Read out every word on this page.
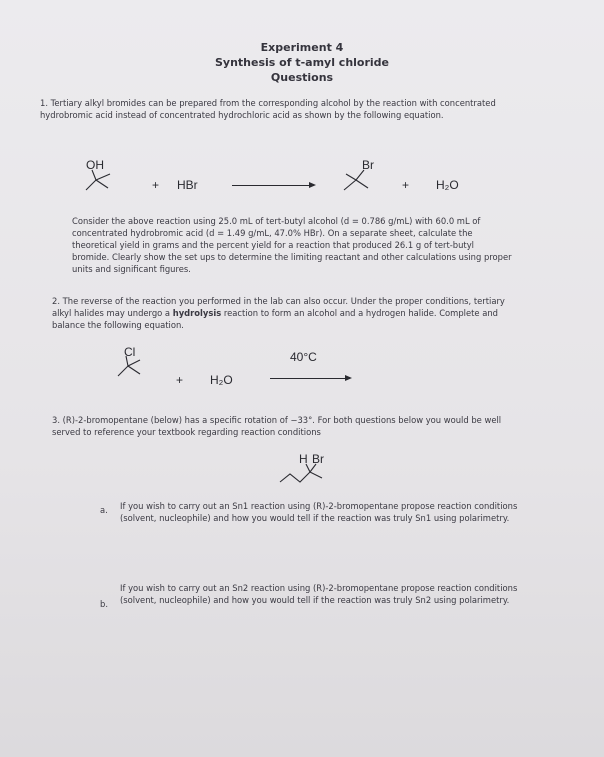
Experiment 4
Synthesis of t-amyl chloride
Questions
1. Tertiary alkyl bromides can be prepared from the corresponding alcohol by the reaction with concentrated hydrobromic acid instead of concentrated hydrochloric acid as shown by the following equation.
OH
+ HBr
Br
+ H₂O
Consider the above reaction using 25.0 mL of tert-butyl alcohol (d = 0.786 g/mL) with 60.0 mL of concentrated hydrobromic acid (d = 1.49 g/mL, 47.0% HBr). On a separate sheet, calculate the theoretical yield in grams and the percent yield for a reaction that produced 26.1 g of tert-butyl bromide. Clearly show the set ups to determine the limiting reactant and other calculations using proper units and significant figures.
2. The reverse of the reaction you performed in the lab can also occur. Under the proper conditions, tertiary alkyl halides may undergo a hydrolysis reaction to form an alcohol and a hydrogen halide. Complete and balance the following equation.
Cl
+ H₂O
40°C
3. (R)-2-bromopentane (below) has a specific rotation of −33°. For both questions below you would be well served to reference your textbook regarding reaction conditions
H Br
a.	If you wish to carry out an Sn1 reaction using (R)-2-bromopentane propose reaction conditions (solvent, nucleophile) and how you would tell if the reaction was truly Sn1 using polarimetry.
b.
If you wish to carry out an Sn2 reaction using (R)-2-bromopentane propose reaction conditions (solvent, nucleophile) and how you would tell if the reaction was truly Sn2 using polarimetry.
